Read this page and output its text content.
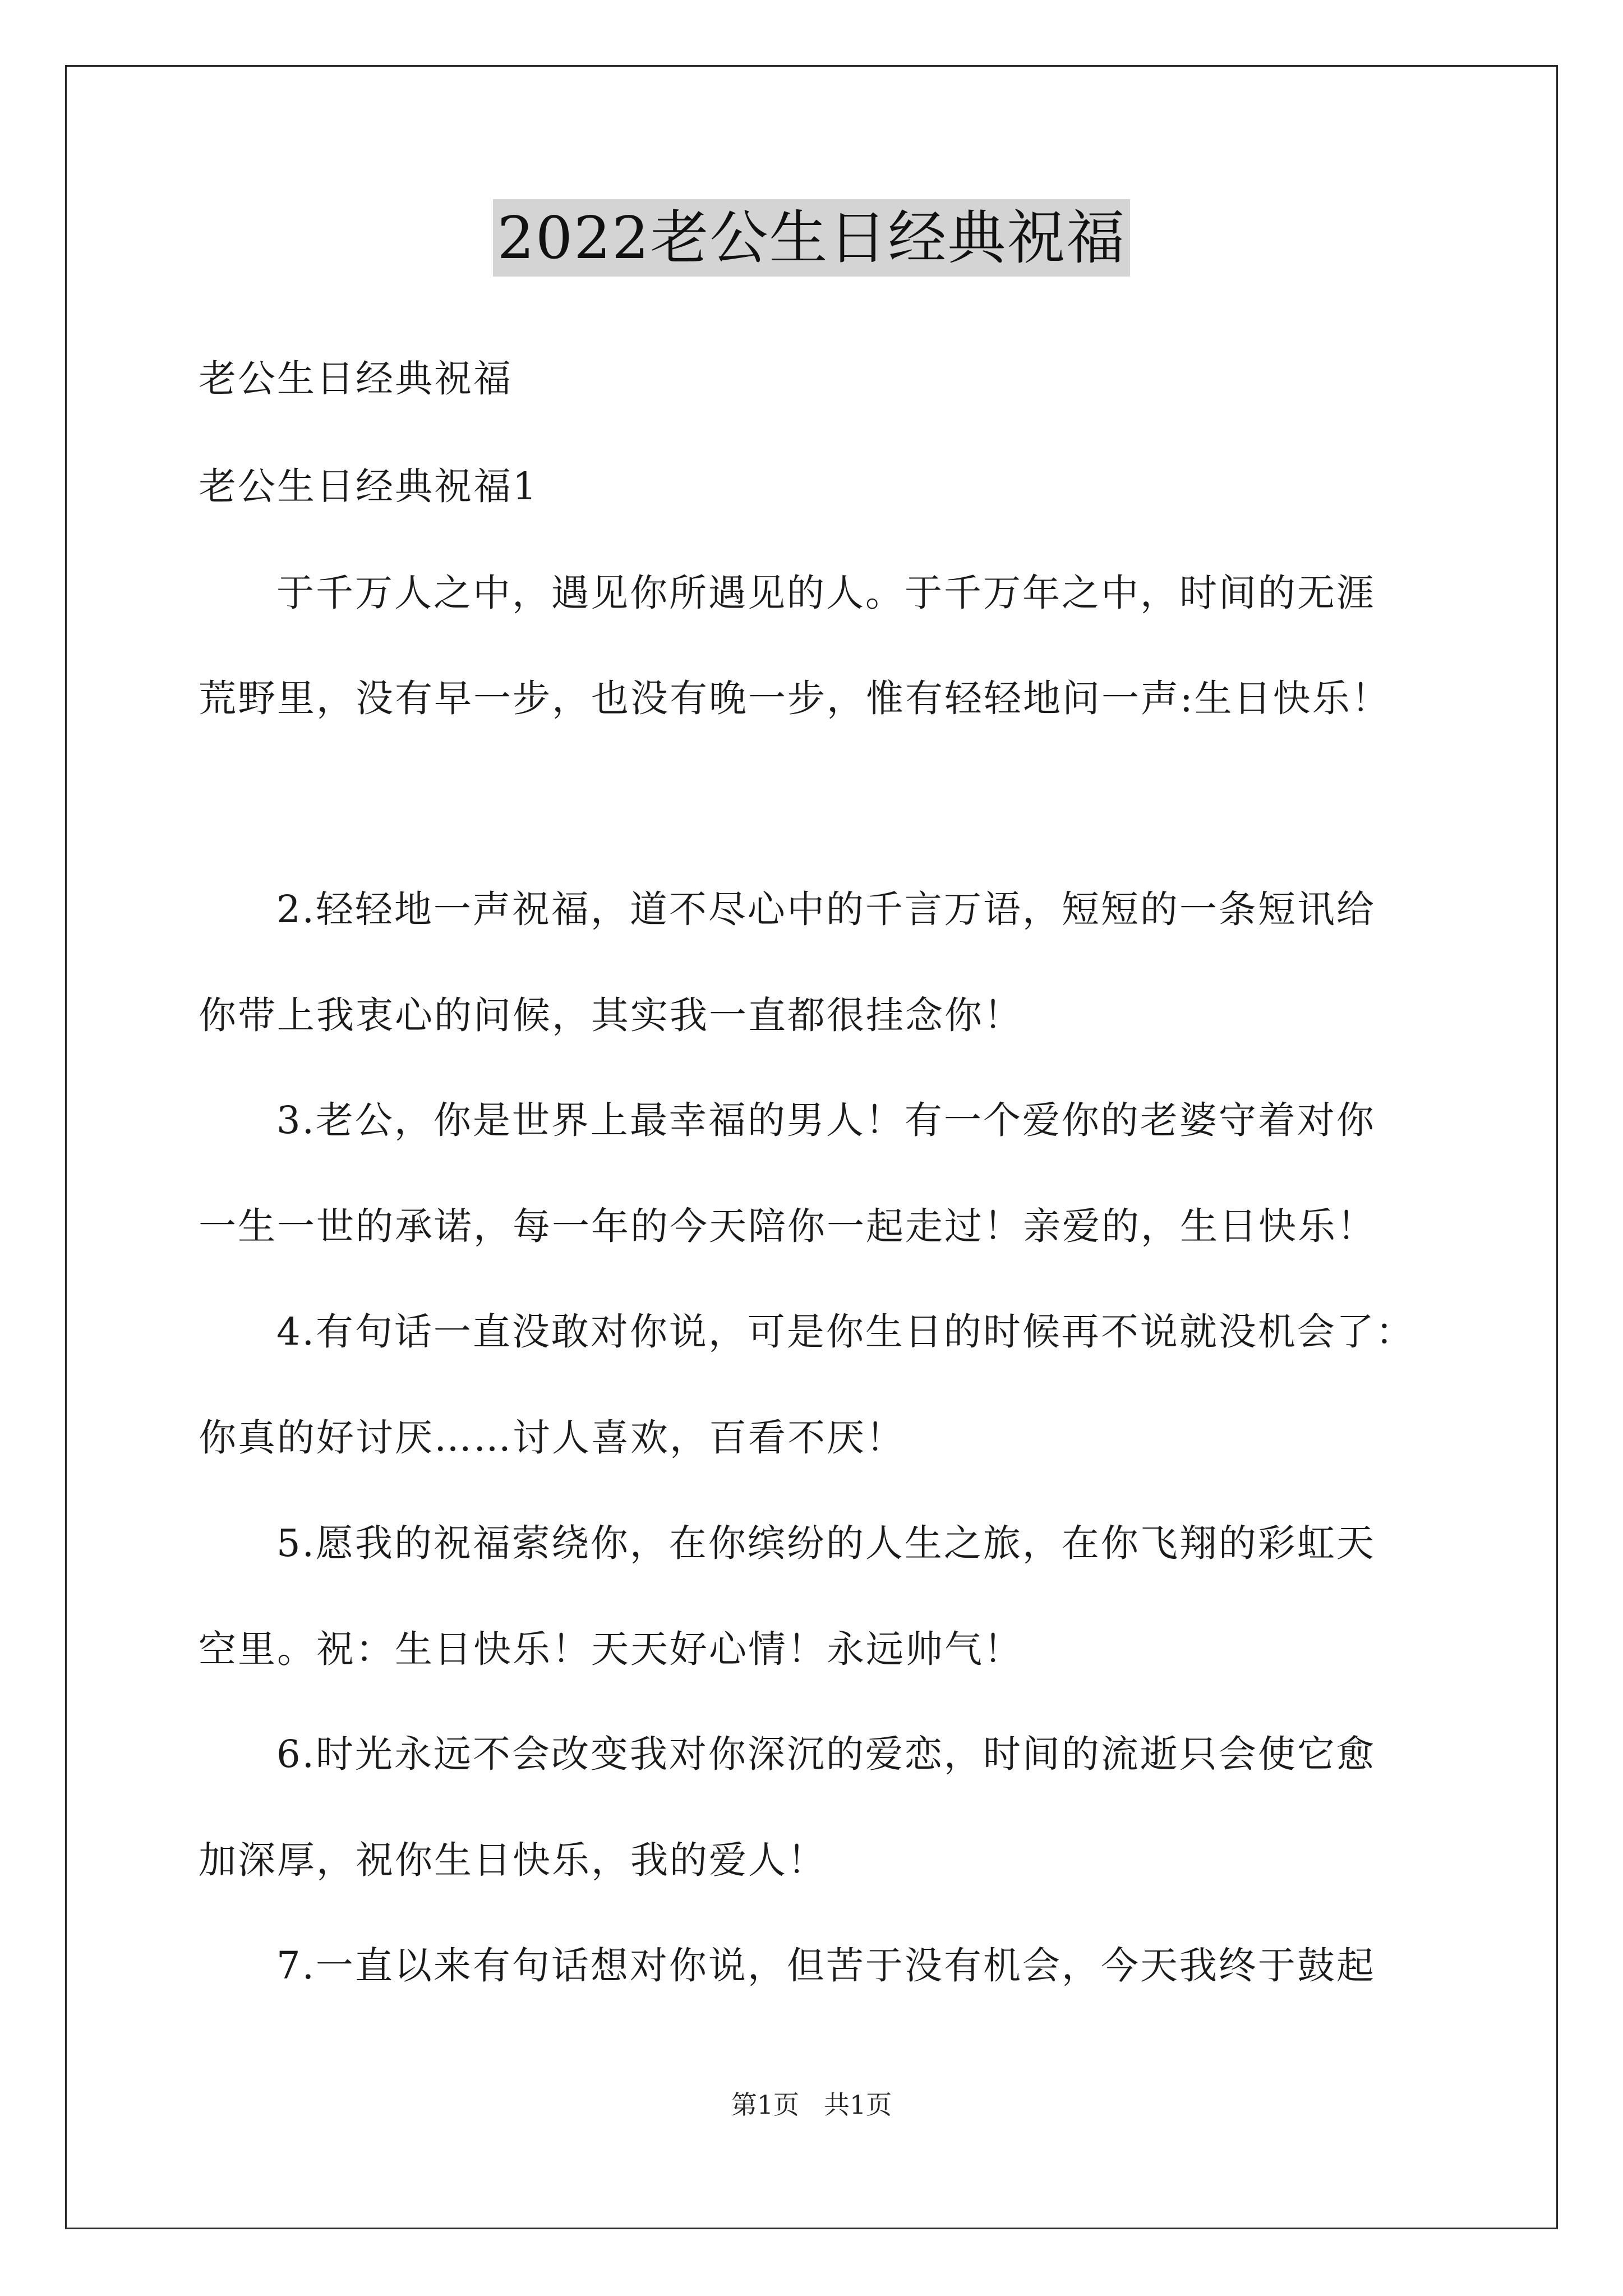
2022老公生日经典祝福
老公生日经典祝福
老公生日经典祝福1
于千万人之中，遇见你所遇见的人。于千万年之中，时间的无涯
荒野里，没有早一步，也没有晚一步，惟有轻轻地问一声:生日快乐！
2.轻轻地一声祝福，道不尽心中的千言万语，短短的一条短讯给
你带上我衷心的问候，其实我一直都很挂念你！
3.老公，你是世界上最幸福的男人！有一个爱你的老婆守着对你
一生一世的承诺，每一年的今天陪你一起走过！亲爱的，生日快乐！
4.有句话一直没敢对你说，可是你生日的时候再不说就没机会了：
你真的好讨厌……讨人喜欢，百看不厌！
5.愿我的祝福萦绕你，在你缤纷的人生之旅，在你飞翔的彩虹天
空里。祝：生日快乐！天天好心情！永远帅气！
6.时光永远不会改变我对你深沉的爱恋，时间的流逝只会使它愈
加深厚，祝你生日快乐，我的爱人！
7.一直以来有句话想对你说，但苦于没有机会，今天我终于鼓起
第1页 共1页
